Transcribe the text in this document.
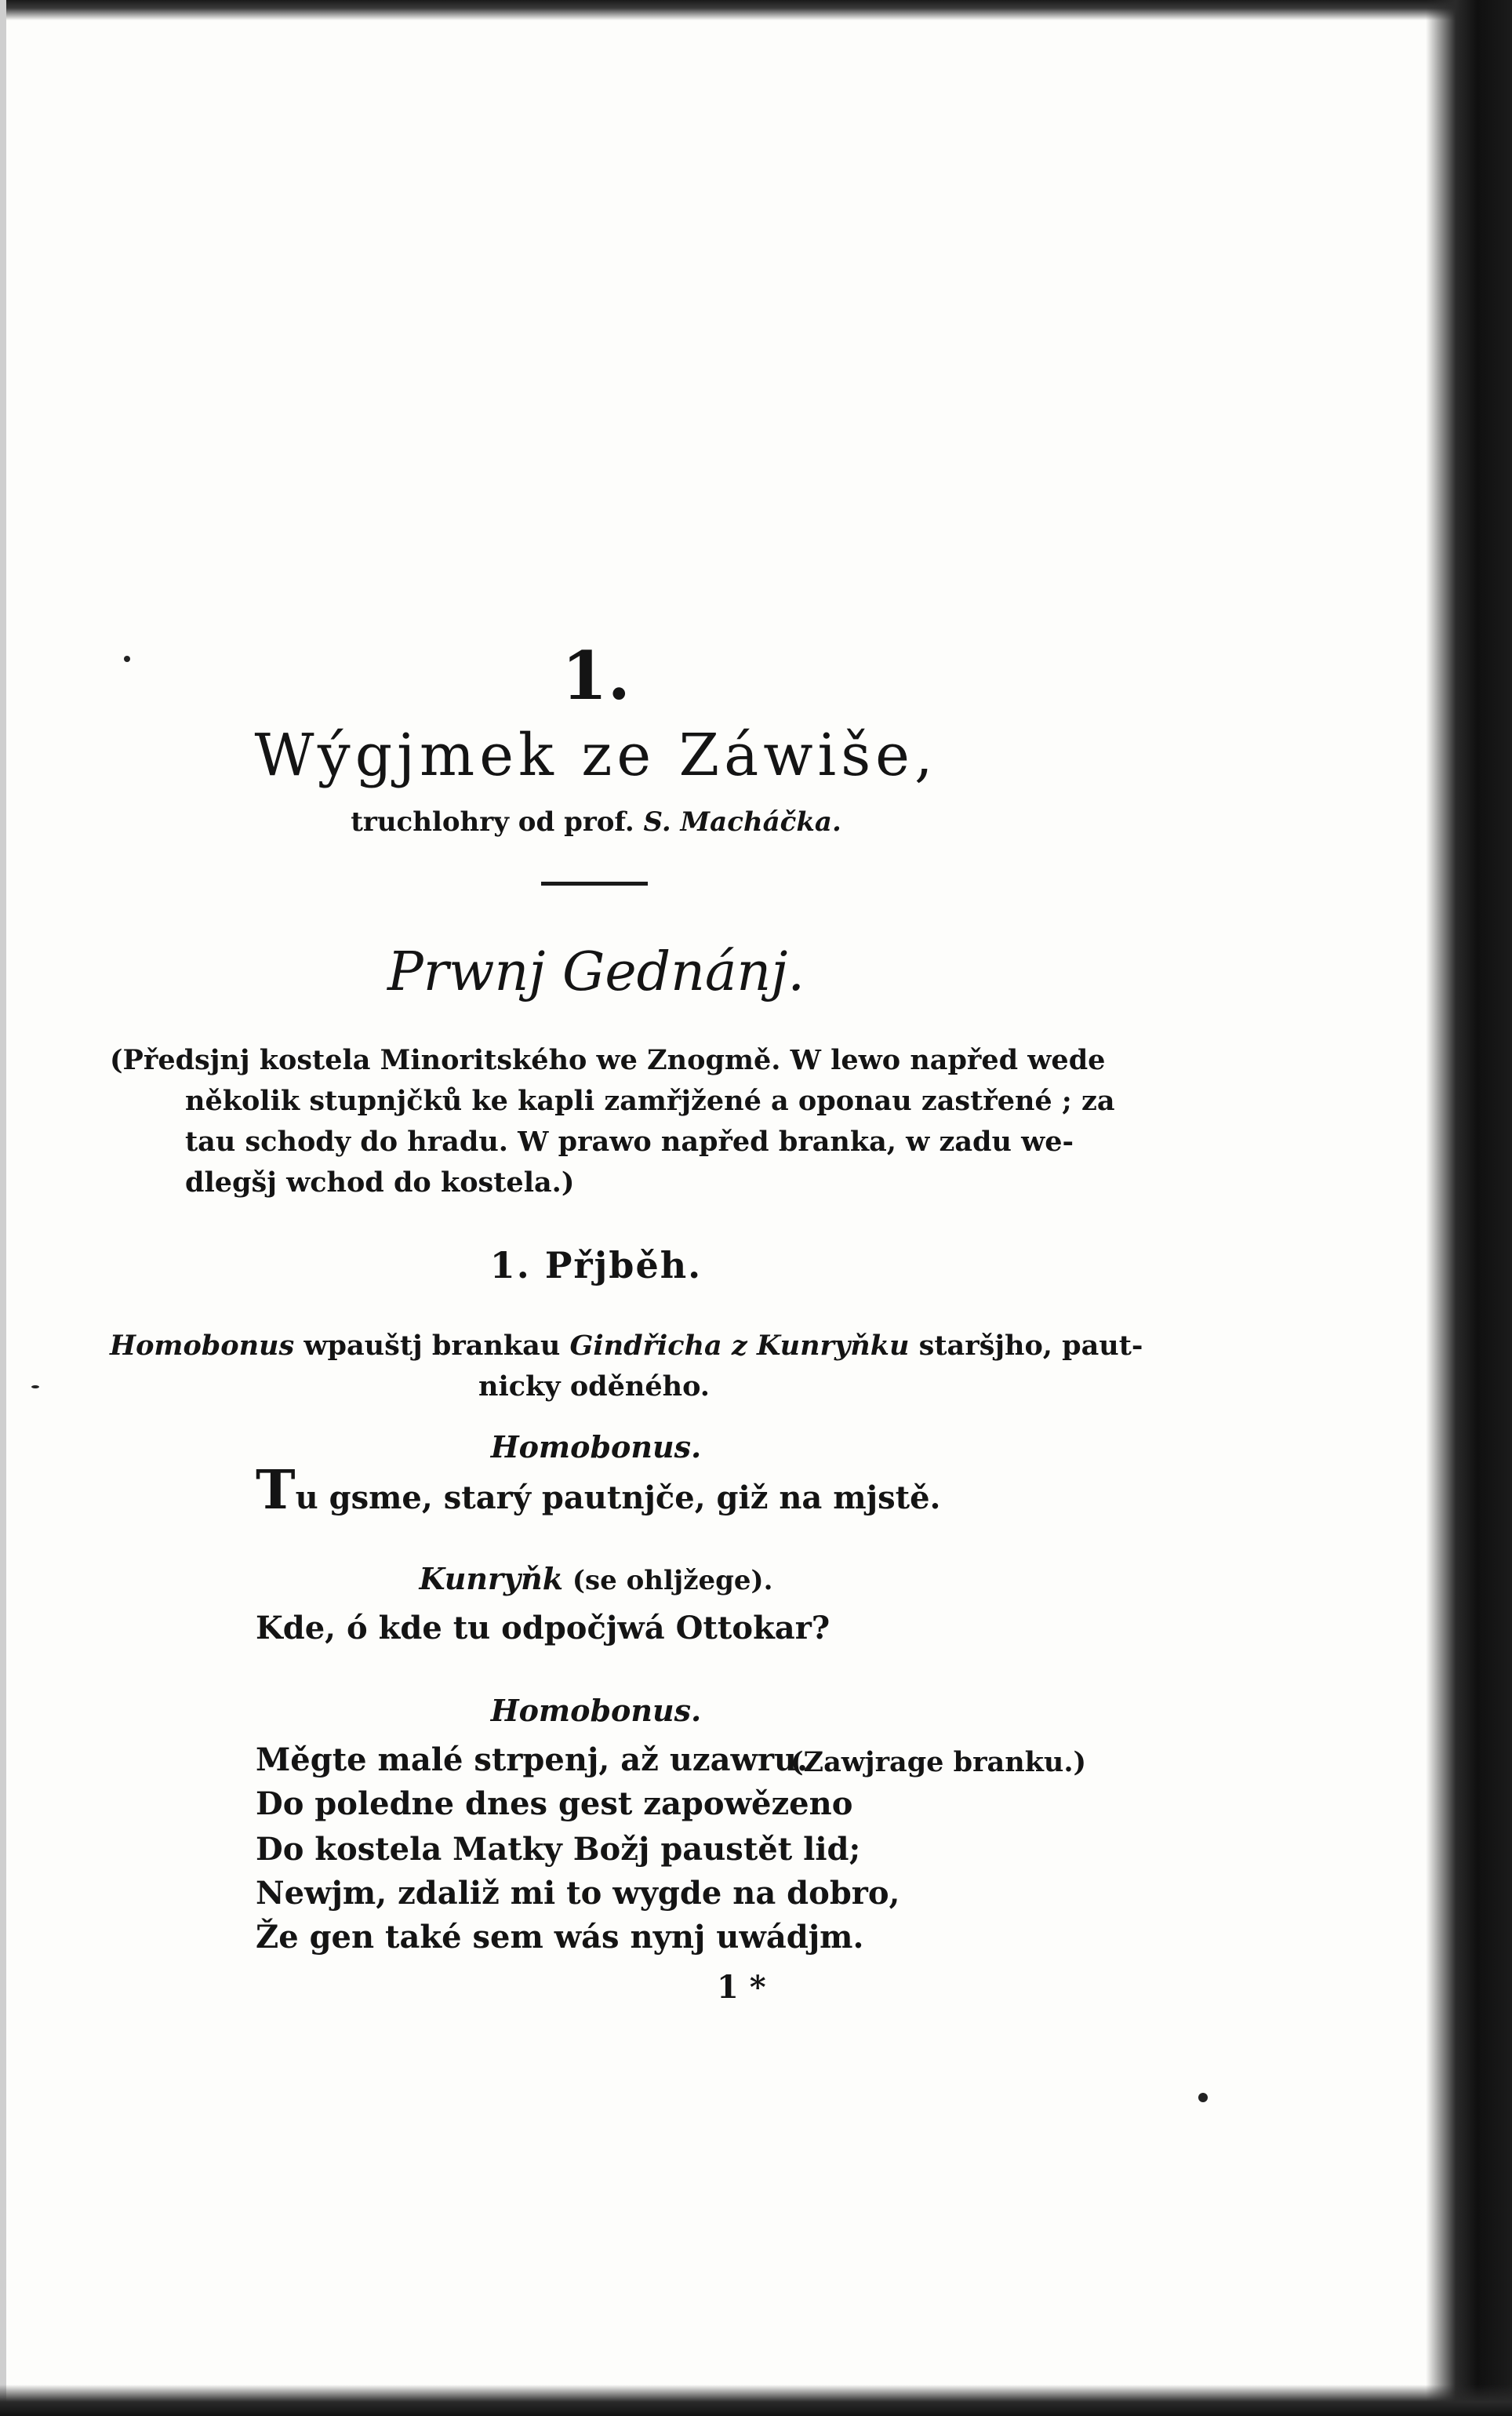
1.
Wýgjmek ze Záwiše,
truchlohry od prof. S. Macháčka.
Prwnj Gednánj.
(Předsjnj kostela Minoritského we Znogmě. W lewo napřed wede
několik stupnjčků ke kapli zamřjžené a oponau zastřené ; za
tau schody do hradu. W prawo napřed branka, w zadu we-
dlegšj wchod do kostela.)
1. Přjběh.
Homobonus wpauštj brankau Gindřicha z Kunryňku staršjho, paut-
nicky oděného.
Homobonus.
Tu gsme, starý pautnjče, giž na mjstě.
Kunryňk (se ohljžege).
Kde, ó kde tu odpočjwá Ottokar?
Homobonus.
Měgte malé strpenj, až uzawru.
(Zawjrage branku.)
Do poledne dnes gest zapowězeno
Do kostela Matky Božj paustět lid;
Newjm, zdaliž mi to wygde na dobro,
Že gen také sem wás nynj uwádjm.
1 *
